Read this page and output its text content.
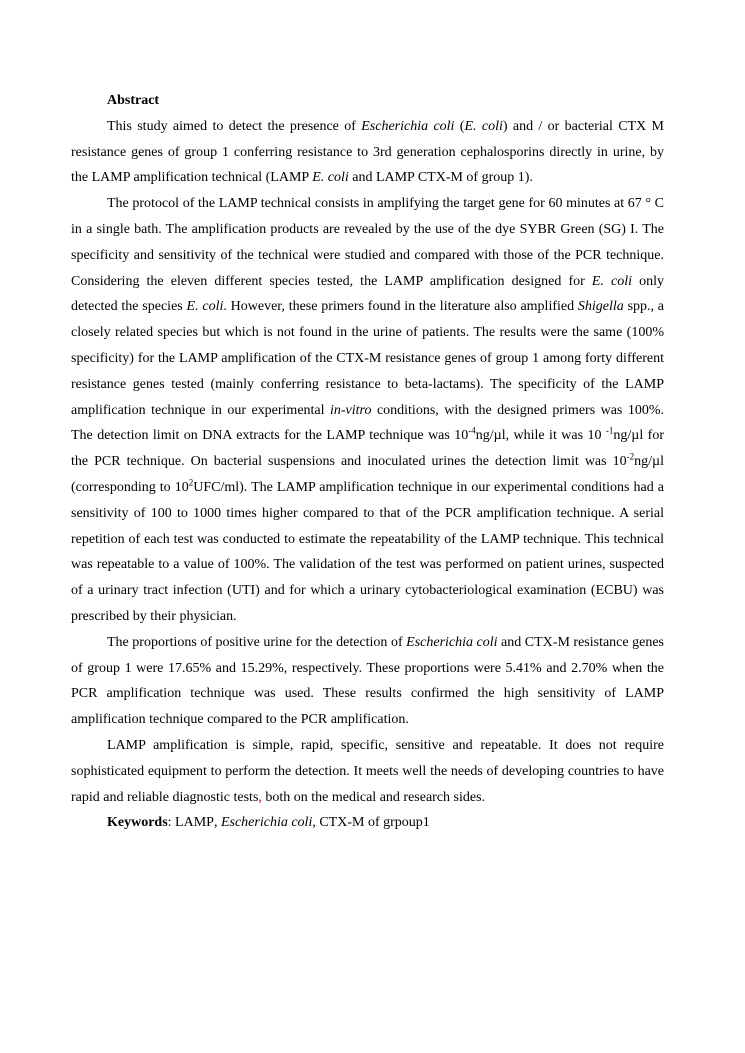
Abstract

This study aimed to detect the presence of Escherichia coli (E. coli) and / or bacterial CTX M resistance genes of group 1 conferring resistance to 3rd generation cephalosporins directly in urine, by the LAMP amplification technical (LAMP E. coli and LAMP CTX-M of group 1).

The protocol of the LAMP technical consists in amplifying the target gene for 60 minutes at 67 ° C in a single bath. The amplification products are revealed by the use of the dye SYBR Green (SG) I. The specificity and sensitivity of the technical were studied and compared with those of the PCR technique. Considering the eleven different species tested, the LAMP amplification designed for E. coli only detected the species E. coli. However, these primers found in the literature also amplified Shigella spp., a closely related species but which is not found in the urine of patients. The results were the same (100% specificity) for the LAMP amplification of the CTX-M resistance genes of group 1 among forty different resistance genes tested (mainly conferring resistance to beta-lactams). The specificity of the LAMP amplification technique in our experimental in-vitro conditions, with the designed primers was 100%. The detection limit on DNA extracts for the LAMP technique was $10^{-4}ng/\mu l$, while it was 10 $^{-1}$ng/µl for the PCR technique. On bacterial suspensions and inoculated urines the detection limit was $10^{-2}ng/\mu l$ (corresponding to $10^2UFC/ml$). The LAMP amplification technique in our experimental conditions had a sensitivity of 100 to 1000 times higher compared to that of the PCR amplification technique. A serial repetition of each test was conducted to estimate the repeatability of the LAMP technique. This technical was repeatable to a value of 100%. The validation of the test was performed on patient urines, suspected of a urinary tract infection (UTI) and for which a urinary cytobacteriological examination (ECBU) was prescribed by their physician.

The proportions of positive urine for the detection of Escherichia coli and CTX-M resistance genes of group 1 were 17.65% and 15.29%, respectively. These proportions were 5.41% and 2.70% when the PCR amplification technique was used. These results confirmed the high sensitivity of LAMP amplification technique compared to the PCR amplification.

LAMP amplification is simple, rapid, specific, sensitive and repeatable. It does not require sophisticated equipment to perform the detection. It meets well the needs of developing countries to have rapid and reliable diagnostic tests, both on the medical and research sides.

Keywords: LAMP, Escherichia coli, CTX-M of grpoup1
